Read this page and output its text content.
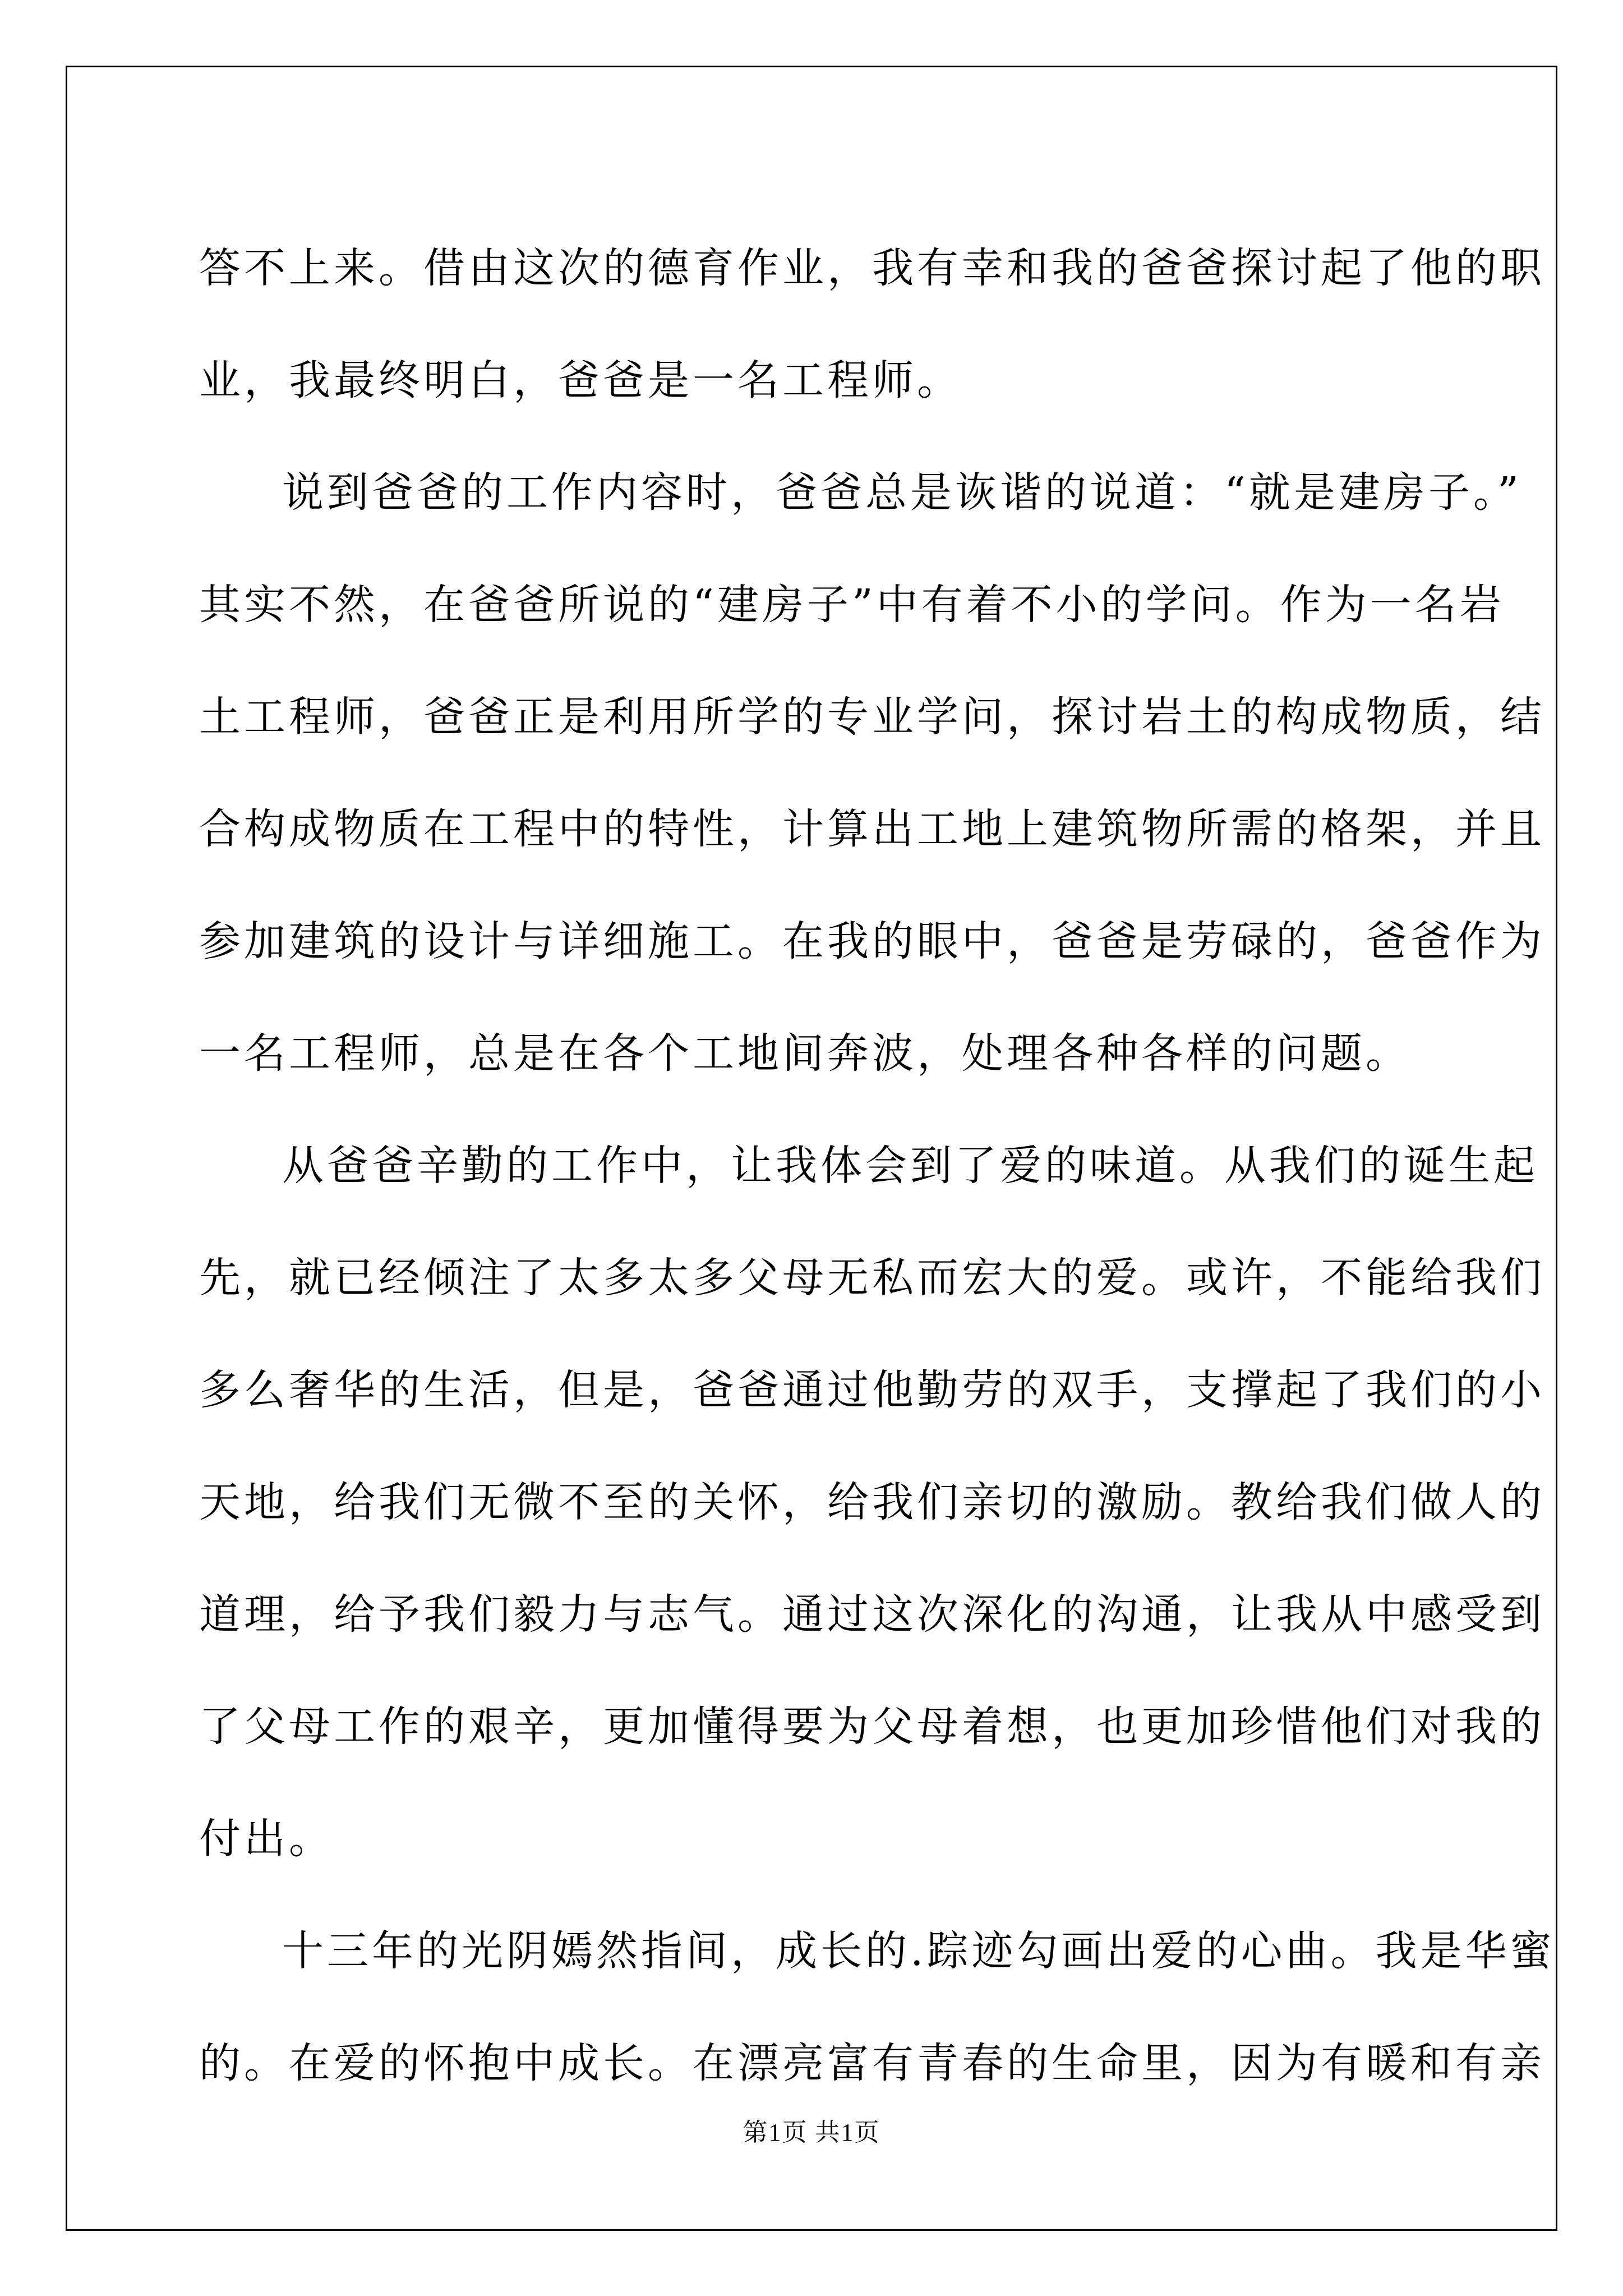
答不上来。借由这次的德育作业，我有幸和我的爸爸探讨起了他的职
业，我最终明白，爸爸是一名工程师。
说到爸爸的工作内容时，爸爸总是诙谐的说道：“就是建房子。”
其实不然，在爸爸所说的“建房子”中有着不小的学问。作为一名岩
土工程师，爸爸正是利用所学的专业学问，探讨岩土的构成物质，结
合构成物质在工程中的特性，计算出工地上建筑物所需的格架，并且
参加建筑的设计与详细施工。在我的眼中，爸爸是劳碌的，爸爸作为
一名工程师，总是在各个工地间奔波，处理各种各样的问题。
从爸爸辛勤的工作中，让我体会到了爱的味道。从我们的诞生起
先，就已经倾注了太多太多父母无私而宏大的爱。或许，不能给我们
多么奢华的生活，但是，爸爸通过他勤劳的双手，支撑起了我们的小
天地，给我们无微不至的关怀，给我们亲切的激励。教给我们做人的
道理，给予我们毅力与志气。通过这次深化的沟通，让我从中感受到
了父母工作的艰辛，更加懂得要为父母着想，也更加珍惜他们对我的
付出。
十三年的光阴嫣然指间，成长的.踪迹勾画出爱的心曲。我是华蜜
的。在爱的怀抱中成长。在漂亮富有青春的生命里，因为有暖和有亲
第1页 共1页
